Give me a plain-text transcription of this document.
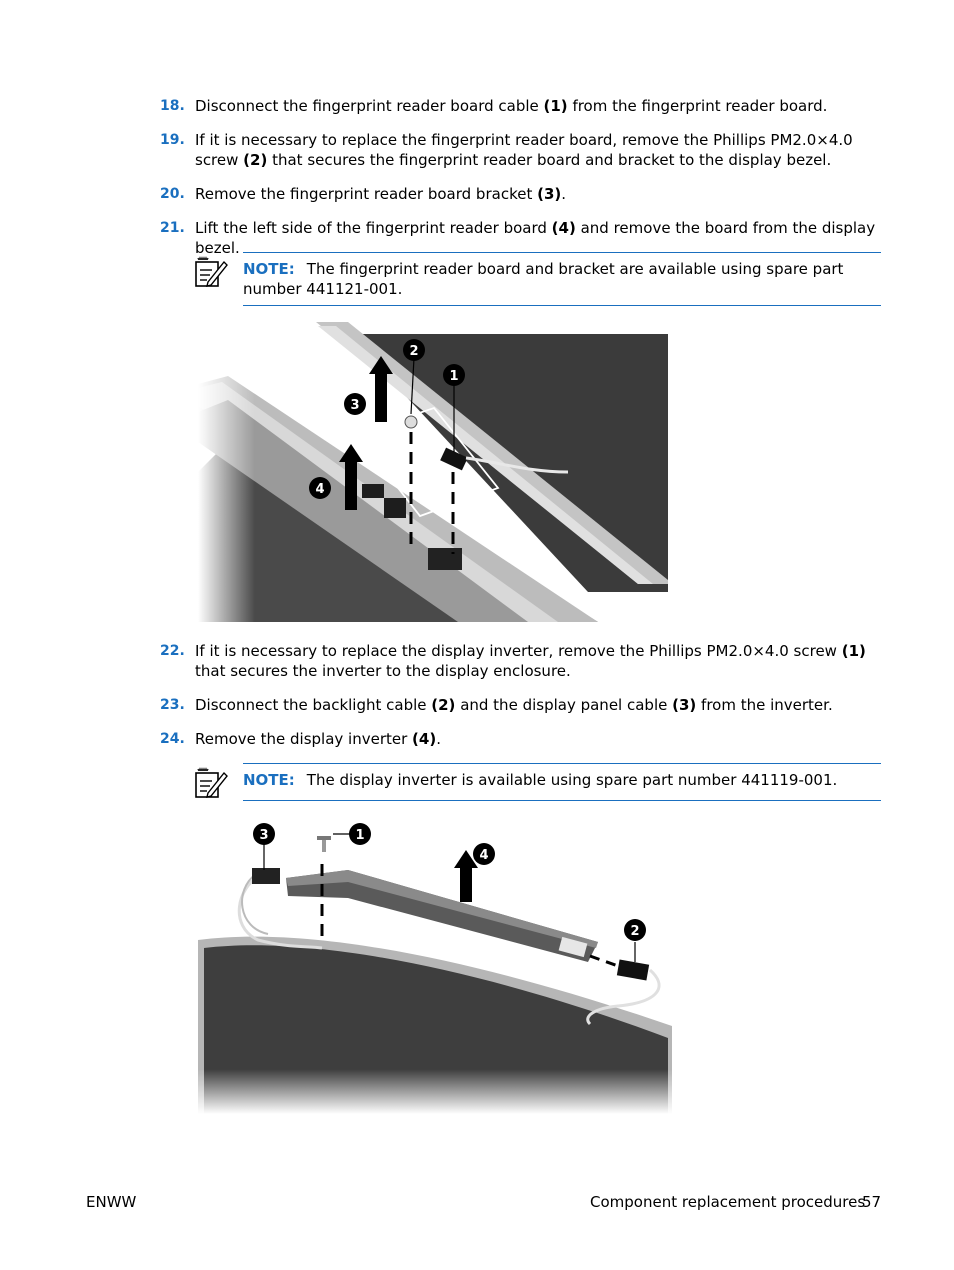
18. Disconnect the fingerprint reader board cable (1) from the fingerprint reader board.
19. If it is necessary to replace the fingerprint reader board, remove the Phillips PM2.0×4.0 screw (2) that secures the fingerprint reader board and bracket to the display bezel.
20. Remove the fingerprint reader board bracket (3).
21. Lift the left side of the fingerprint reader board (4) and remove the board from the display bezel.
NOTE: The fingerprint reader board and bracket are available using spare part number 441121-001.
2
1
3
4
22. If it is necessary to replace the display inverter, remove the Phillips PM2.0×4.0 screw (1) that secures the inverter to the display enclosure.
23. Disconnect the backlight cable (2) and the display panel cable (3) from the inverter.
24. Remove the display inverter (4).
NOTE: The display inverter is available using spare part number 441119-001.
1
3
4
2
ENWW	Component replacement procedures
57
